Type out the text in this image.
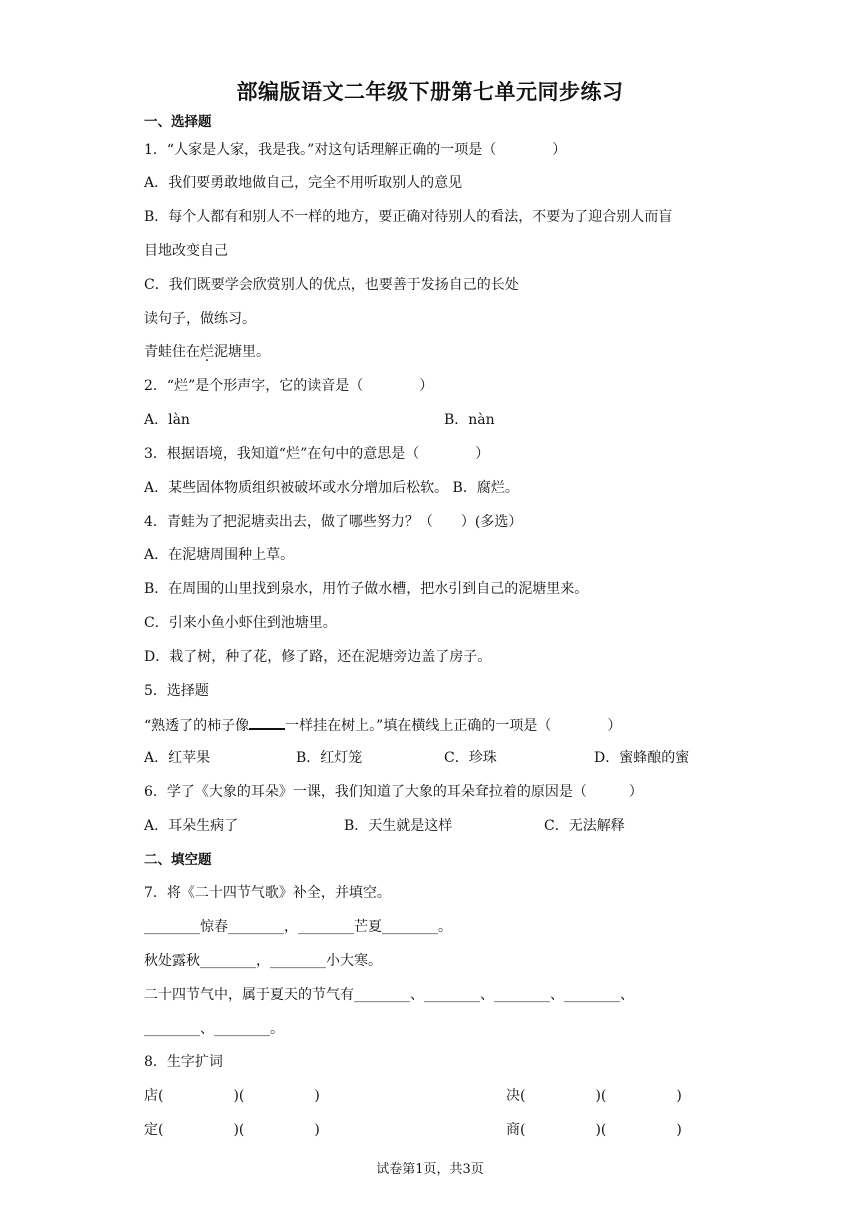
部编版语文二年级下册第七单元同步练习
一、选择题
1．“人家是人家，我是我。”对这句话理解正确的一项是（　　　　）
A．我们要勇敢地做自己，完全不用听取别人的意见
B．每个人都有和别人不一样的地方，要正确对待别人的看法，不要为了迎合别人而盲
目地改变自己
C．我们既要学会欣赏别人的优点，也要善于发扬自己的长处
读句子，做练习。
青蛙住在烂泥塘里。
2．“烂”是个形声字，它的读音是（　　　　）
A．làn	B．nàn
3．根据语境，我知道“烂”在句中的意思是（　　　　）
A．某些固体物质组织被破坏或水分增加后松软。 B．腐烂。
4．青蛙为了把泥塘卖出去，做了哪些努力？（　　）(多选）
A．在泥塘周围种上草。
B．在周围的山里找到泉水，用竹子做水槽，把水引到自己的泥塘里来。
C．引来小鱼小虾住到池塘里。
D．栽了树，种了花，修了路，还在泥塘旁边盖了房子。
5．选择题
“熟透了的柿子像	一样挂在树上。”填在横线上正确的一项是（　　　　）
A．红苹果	B．红灯笼	C．珍珠	D．蜜蜂酿的蜜
6．学了《大象的耳朵》一课，我们知道了大象的耳朵耷拉着的原因是（　　　）
A．耳朵生病了	B．天生就是这样	C．无法解释
二、填空题
7．将《二十四节气歌》补全，并填空。
________惊春________，________芒夏________。
秋处露秋________，________小大寒。
二十四节气中，属于夏天的节气有________、________、________、________、
________、________。
8．生字扩词
店(　　　　　)(　　　　　)	决(　　　　　)(　　　　　)
定(　　　　　)(　　　　　)	商(　　　　　)(　　　　　)
试卷第1页，共3页
